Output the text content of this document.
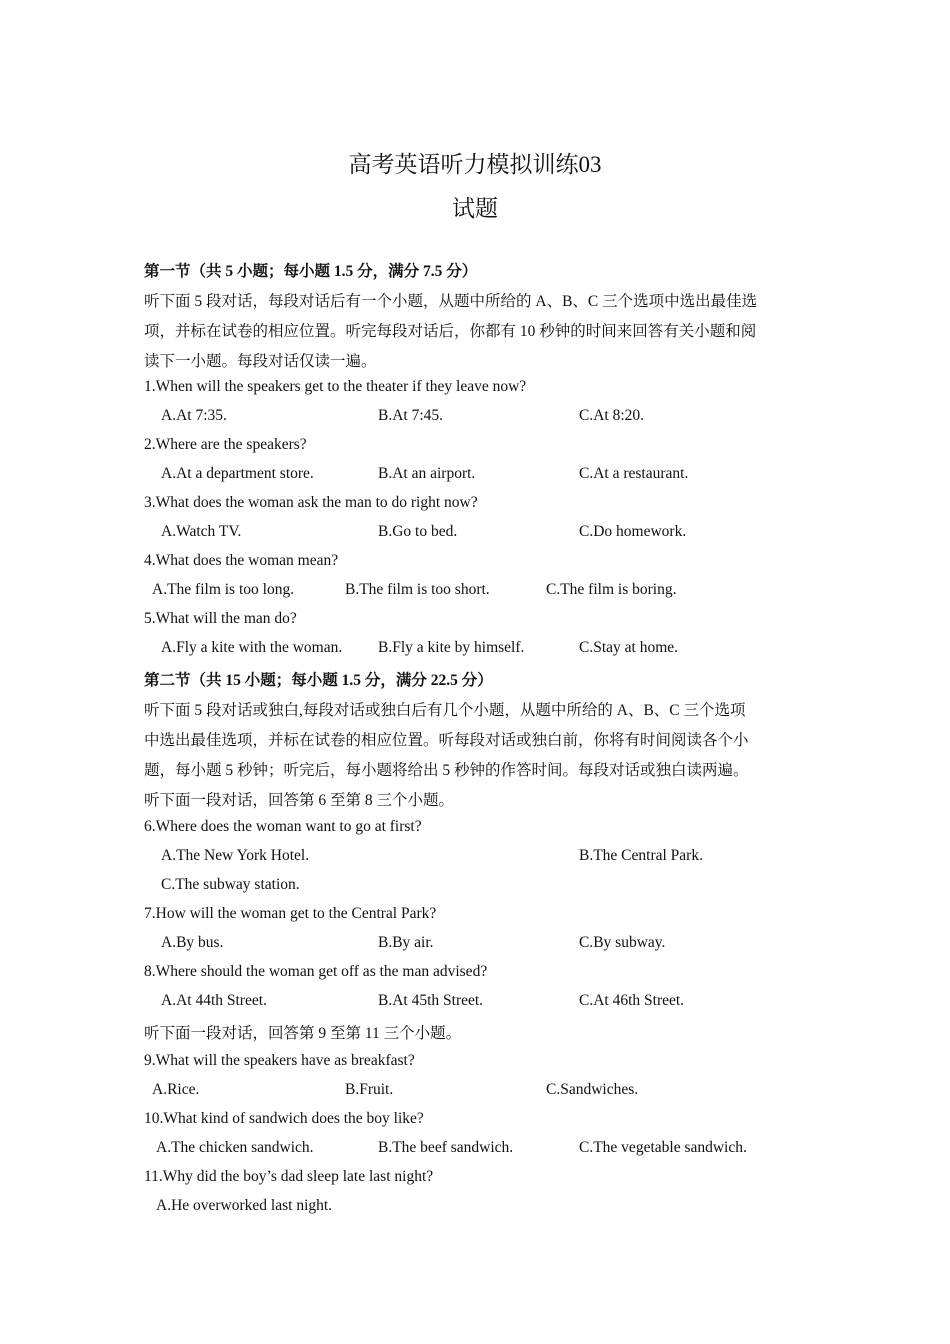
高考英语听力模拟训练03
试题
第一节（共 5 小题；每小题 1.5 分，满分 7.5 分）
听下面 5 段对话，每段对话后有一个小题，从题中所给的 A、B、C 三个选项中选出最佳选
项，并标在试卷的相应位置。听完每段对话后，你都有 10 秒钟的时间来回答有关小题和阅
读下一小题。每段对话仅读一遍。
1.When will the speakers get to the theater if they leave now?
A.At 7:35.	B.At 7:45.	C.At 8:20.
2.Where are the speakers?
A.At a department store.	B.At an airport.	C.At a restaurant.
3.What does the woman ask the man to do right now?
A.Watch TV.	B.Go to bed.	C.Do homework.
4.What does the woman mean?
A.The film is too long.	B.The film is too short.	C.The film is boring.
5.What will the man do?
A.Fly a kite with the woman. B.Fly a kite by himself.	C.Stay at home.
第二节（共 15 小题；每小题 1.5 分，满分 22.5 分）
听下面 5 段对话或独白,每段对话或独白后有几个小题，从题中所给的 A、B、C 三个选项
中选出最佳选项，并标在试卷的相应位置。听每段对话或独白前，你将有时间阅读各个小
题，每小题 5 秒钟；听完后，每小题将给出 5 秒钟的作答时间。每段对话或独白读两遍。
听下面一段对话，回答第 6 至第 8 三个小题。
6.Where does the woman want to go at first?
A.The New York Hotel.	B.The Central Park.
C.The subway station.
7.How will the woman get to the Central Park?
A.By bus.	B.By air.	C.By subway.
8.Where should the woman get off as the man advised?
A.At 44th Street.	B.At 45th Street.	C.At 46th Street.
听下面一段对话，回答第 9 至第 11 三个小题。
9.What will the speakers have as breakfast?
A.Rice.	B.Fruit.	C.Sandwiches.
10.What kind of sandwich does the boy like?
A.The chicken sandwich.	B.The beef sandwich.	C.The vegetable sandwich.
11.Why did the boy’s dad sleep late last night?
A.He overworked last night.
